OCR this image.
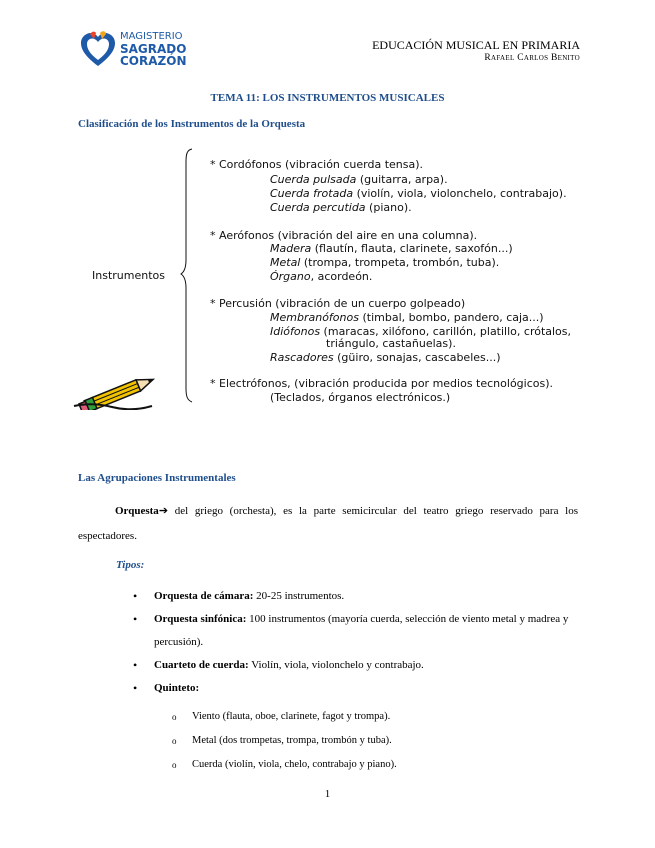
MAGISTERIO
SAGRADO
CORAZÓN
EDUCACIÓN MUSICAL EN PRIMARIA
Rafael Carlos Benito
TEMA 11: LOS INSTRUMENTOS MUSICALES
Clasificación de los Instrumentos de la Orquesta
Instrumentos
* Cordófonos (vibración cuerda tensa).
Cuerda pulsada (guitarra, arpa).
Cuerda frotada (violín, viola, violonchelo, contrabajo).
Cuerda percutida (piano).
* Aerófonos (vibración del aire en una columna).
Madera (flautín, flauta, clarinete, saxofón...)
Metal (trompa, trompeta, trombón, tuba).
Órgano, acordeón.
* Percusión (vibración de un cuerpo golpeado)
Membranófonos (timbal, bombo, pandero, caja...)
Idiófonos (maracas, xilófono, carillón, platillo, crótalos,
triángulo, castañuelas).
Rascadores (güiro, sonajas, cascabeles...)
* Electrófonos, (vibración producida por medios tecnológicos).
(Teclados, órganos electrónicos.)
Las Agrupaciones Instrumentales
Orquesta➔ del griego (orchesta), es la parte semicircular del teatro griego reservado para los espectadores.
Tipos:
• Orquesta de cámara: 20-25 instrumentos.
• Orquesta sinfónica: 100 instrumentos (mayoría cuerda, selección de viento metal y madrea y percusión).
• Cuarteto de cuerda: Violín, viola, violonchelo y contrabajo.
• Quinteto:
o Viento (flauta, oboe, clarinete, fagot y trompa).
o Metal (dos trompetas, trompa, trombón y tuba).
o Cuerda (violín, viola, chelo, contrabajo y piano).
1
